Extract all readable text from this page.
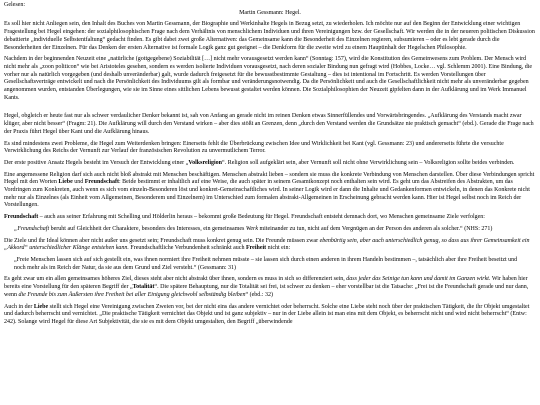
Gelesen:

Martin Gessmann: Hegel.

Es soll hier nicht Anliegen sein, den Inhalt des Buches von Martin Gessmann, der Biographie und Werkinhalte Hegels in Bezug setzt, zu wiederholen. Ich möchte nur auf den Beginn der Entwicklung einer wichtigen Fragestellung bei Hegel eingehen: der sozialphilosophischen Frage nach dem Verhältnis von menschlichem Individuen und ihren Vereinigungen bzw. der Gesellschaft. Wir werden die in der neueren politischen Diskussion debattierte „individuelle Selbstentfaltung“ gedacht finden. Es gibt dabei zwei große Alternativen: das Gemeinsame kann die Besonderheit des Einzelnen regieren, subsumieren – oder es lebt gerade durch die Besonderheiten der Einzelnen. Für das Denken der ersten Alternative ist formale Logik ganz gut geeignet – die Denkform für die zweite wird zu einem Hauptinhalt der Hegelschen Philosophie.

Nachdem in der beginnenden Neuzeit eine „natürliche (gottgegebene) Soziabilität […] nicht mehr vorausgesetzt werden kann“ (Sonntag: 157), wird die Konstitution des Gemeinwesens zum Problem. Der Mensch wird nicht mehr als „zoon politicon“ wie bei Aristoteles gesehen, sondern es werden isolierte Individuen vorausgesetzt, nach deren sozialer Bindung nun gefragt wird (Hobbes, Locke… vgl. Schlemm 2001). Eine Bindung, die vorher nur als natürlich vorgegeben (und deshalb unveränderbar) galt, wurde dadurch freigesetzt für die bewusstbestimmte Gestaltung – dies ist intentional im Fortschritt. Es werden Vorstellungen über Gesellschaftsverträge entwickelt und nach die Persönlichkeit des Individuums gilt als formbar und veränderungsnotwendig. Da die Persönlichkeit und auch die Gesellschaftlichkeit nicht mehr als unveränderbar gegeben angenommen wurden, entstanden Überlegungen, wie sie im Sinne eines sittlichen Lebens bewusst gestaltet werden können. Die Sozialphilosophien der Neuzeit gipfelten dann in der Aufklärung und im Werk Immanuel Kants.

Hegel, obgleich er heute fast nur als schwer verdaulicher Denker bekannt ist, sah von Anfang an gerade nicht im reinen Denken etwas Sinnerfüllendes und Vorwärtsbringendes. „Aufklärung des Verstands macht zwar klüger, aber nicht besser“ (Fragm: 21). Die Aufklärung will durch den Verstand wirken – aber dies stößt an Grenzen, denn „durch den Verstand werden die Grundsätze nie praktisch gemacht“ (ebd.). Gerade die Frage nach der Praxis führt Hegel über Kant und die Aufklärung hinaus.

Es sind mindestens zwei Probleme, die Hegel zum Weiterdenken bringen: Einerseits fehlt die Überbrückung zwischen Idee und Wirklichkeit bei Kant (vgl. Gessmann: 23) und andererseits führte die versuchte Verwirklichung des Reichs der Vernunft zur Verlauf der französischen Revolution zu unvermutlichem Terror.

Der erste positive Ansatz Hegels besteht im Versuch der Entwicklung einer „Volksreligion“. Religion soll aufgeklärt sein, aber Vernunft soll nicht ohne Verwirklichung sein – Volksreligion sollte beides verbinden.

Eine angemessene Religion darf sich auch nicht bloß abstrakt mit Menschen beschäftigen. Menschen abstrakt lieben – sondern sie muss die konkrete Verbindung von Menschen darstellen. Über diese Verbindungen spricht Hegel mit den Worten Liebe und Freundschaft: Beide bestimmt er inhaltlich auf eine Weise, die auch später in seinem Gesamtkonzept noch enthalten sein wird. Es geht um das Abstreifen des Abstrakten, um das Vordringen zum Konkreten, auch wenn es sich vom einzeln-Besonderen löst und konkret-Gemeinschaftliches wird. In seiner Logik wird er dann die Inhalte und Gedankenformen entwickeln, in denen das Konkrete nicht mehr nur als Einzelnes (als Einheit vom Allgemeinen, Besonderem und Einzelnem) im Unterschied zum formalen abstrakt-Allgemeinen in Erscheinung gebracht werden kann. Hier ist Hegel selbst noch im Reich der Vorstellungen.

Freundschaft – auch aus seiner Erfahrung mit Schelling und Hölderlin heraus – bekommt große Bedeutung für Hegel. Freundschaft entsteht demnach dort, wo Menschen gemeinsame Ziele verfolgen:

„Freundschaft beruht auf Gleichheit der Charaktere, besonders des Interesses, ein gemeinsames Werk miteinander zu tun, nicht auf dem Vergnügen an der Person des anderen als solcher.“ (NHS: 271)

Die Ziele und ihr Ideal können aber nicht außer uns gesetzt sein; Freundschaft muss konkret genug sein. Die Freunde müssen zwar ebenbürtig sein, aber auch unterschiedlich genug, so dass aus ihrer Gemeinsamkeit ein „Akkord“ unterschiedlicher Klänge entstehen kann. Freundschaftliche Verbundenheit schränkt auch Freiheit nicht ein:

„Freie Menschen lassen sich auf sich gestellt ein, was ihnen normiert ihre Freiheit nehmen müsste – sie lassen sich durch einen anderen in ihrem Handeln bestimmen –, tatsächlich aber ihre Freiheit beseitzt und noch mehr als im Reich der Natur, da sie aus dem Grund und Ziel versteht.“ (Gessmann: 31)

Es geht zwar um ein allen gemeinsames höheres Ziel, dieses steht aber nicht abstrakt über ihnen, sondern es muss in sich so differenziert sein, dass jeder das Seinige tun kann und damit im Ganzen wirkt. Wir haben hier bereits eine Vorstellung für den späteren Begriff der „Totalität“. Die spätere Behauptung, nur die Totalität sei frei, ist schwer zu denken – eher vorstellbar ist die Tatsache: „Frei ist die Freundschaft gerade und nur dann, wenn die Freunde bis zum Äußersten ihre Freiheit bei aller Einigung gleichwohl selbständig bleiben“ (ebd.: 32)

Auch in der Liebe stellt sich Hegel eine Vereinigung zwischen Zweien vor, bei der nicht eins das andere vernichtet oder beherrscht. Solche eine Liebe steht noch über der praktischen Tätigkeit, die ihr Objekt umgestaltet und dadurch beherrscht und vernichtet. „Die praktische Tätigkeit vernichtet das Objekt und ist ganz subjektiv – nur in der Liebe allein ist man eins mit dem Objekt, es beherrscht nicht und wird nicht beherrscht“ (Entw: 242). Solange wird Hegel für diese Art Subjektivität, die sie es mit dem Objekt umgestalten, den Begriff „überwindende
